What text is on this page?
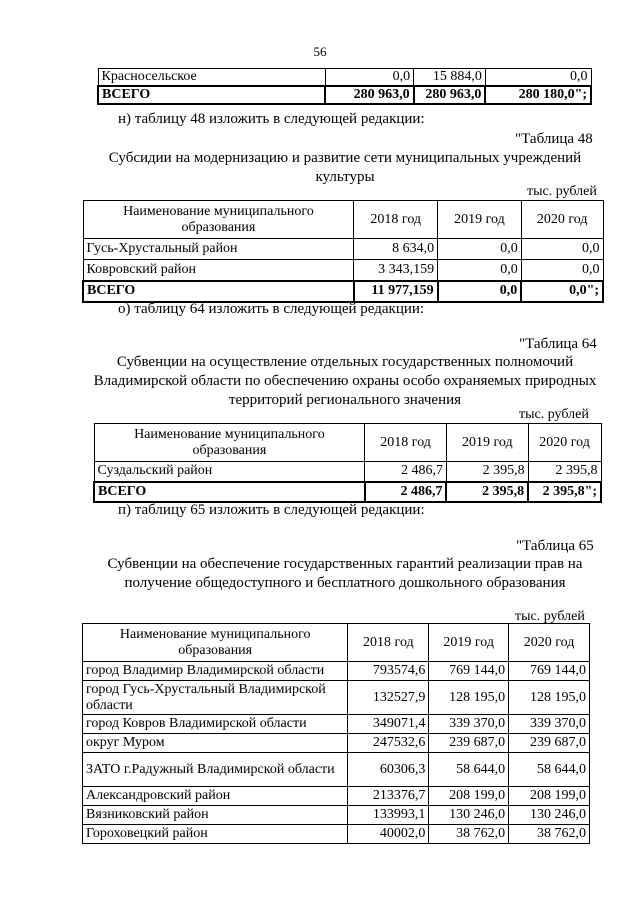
56
Красносельское	0,0	15 884,0	0,0
ВСЕГО	280 963,0	280 963,0	280 180,0";
н) таблицу 48 изложить в следующей редакции:
"Таблица 48
Субсидии на модернизацию и развитие сети муниципальных учреждений
культуры
тыс. рублей
Наименование муниципального образования	2018 год	2019 год	2020 год
Гусь-Хрустальный район	8 634,0	0,0	0,0
Ковровский район	3 343,159	0,0	0,0
ВСЕГО	11 977,159	0,0	0,0";
о) таблицу 64 изложить в следующей редакции:
"Таблица 64
Субвенции на осуществление отдельных государственных полномочий
Владимирской области по обеспечению охраны особо охраняемых природных
территорий регионального значения
тыс. рублей
Наименование муниципального образования	2018 год	2019 год	2020 год
Суздальский район	2 486,7	2 395,8	2 395,8
ВСЕГО	2 486,7	2 395,8	2 395,8";
п) таблицу 65 изложить в следующей редакции:
"Таблица 65
Субвенции на обеспечение государственных гарантий реализации прав на
получение общедоступного и бесплатного дошкольного образования
тыс. рублей
Наименование муниципального образования	2018 год	2019 год	2020 год
город Владимир Владимирской области	793574,6	769 144,0	769 144,0
город Гусь-Хрустальный Владимирской области	132527,9	128 195,0	128 195,0
город Ковров Владимирской области	349071,4	339 370,0	339 370,0
округ Муром	247532,6	239 687,0	239 687,0
ЗАТО г.Радужный Владимирской области	60306,3	58 644,0	58 644,0
Александровский район	213376,7	208 199,0	208 199,0
Вязниковский район	133993,1	130 246,0	130 246,0
Гороховецкий район	40002,0	38 762,0	38 762,0
